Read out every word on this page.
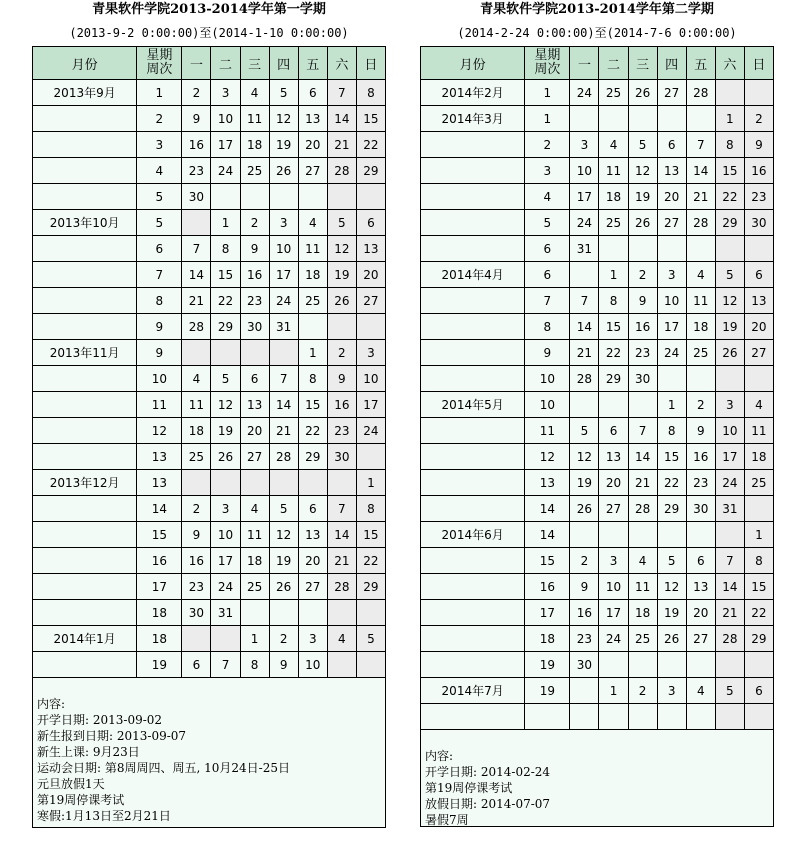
青果软件学院2013-2014学年第一学期
(2013-9-2 0:00:00)至(2014-1-10 0:00:00)
月份	星期
周次	一	二	三	四	五	六	日
2013年9月	1	2	3	4	5	6	7	8
	2	9	10	11	12	13	14	15
	3	16	17	18	19	20	21	22
	4	23	24	25	26	27	28	29
	5	30						
2013年10月	5		1	2	3	4	5	6
	6	7	8	9	10	11	12	13
	7	14	15	16	17	18	19	20
	8	21	22	23	24	25	26	27
	9	28	29	30	31			
2013年11月	9					1	2	3
	10	4	5	6	7	8	9	10
	11	11	12	13	14	15	16	17
	12	18	19	20	21	22	23	24
	13	25	26	27	28	29	30	
2013年12月	13							1
	14	2	3	4	5	6	7	8
	15	9	10	11	12	13	14	15
	16	16	17	18	19	20	21	22
	17	23	24	25	26	27	28	29
	18	30	31					
2014年1月	18			1	2	3	4	5
	19	6	7	8	9	10		
内容:
开学日期: 2013-09-02
新生报到日期: 2013-09-07
新生上课: 9月23日
运动会日期: 第8周周四、周五, 10月24日-25日
元旦放假1天
第19周停课考试
寒假:1月13日至2月21日
青果软件学院2013-2014学年第二学期
(2014-2-24 0:00:00)至(2014-7-6 0:00:00)
月份	星期
周次	一	二	三	四	五	六	日
2014年2月	1	24	25	26	27	28		
2014年3月	1						1	2
	2	3	4	5	6	7	8	9
	3	10	11	12	13	14	15	16
	4	17	18	19	20	21	22	23
	5	24	25	26	27	28	29	30
	6	31						
2014年4月	6		1	2	3	4	5	6
	7	7	8	9	10	11	12	13
	8	14	15	16	17	18	19	20
	9	21	22	23	24	25	26	27
	10	28	29	30				
2014年5月	10				1	2	3	4
	11	5	6	7	8	9	10	11
	12	12	13	14	15	16	17	18
	13	19	20	21	22	23	24	25
	14	26	27	28	29	30	31	
2014年6月	14							1
	15	2	3	4	5	6	7	8
	16	9	10	11	12	13	14	15
	17	16	17	18	19	20	21	22
	18	23	24	25	26	27	28	29
	19	30						
2014年7月	19		1	2	3	4	5	6

内容:
开学日期: 2014-02-24
第19周停课考试
放假日期: 2014-07-07
暑假7周
